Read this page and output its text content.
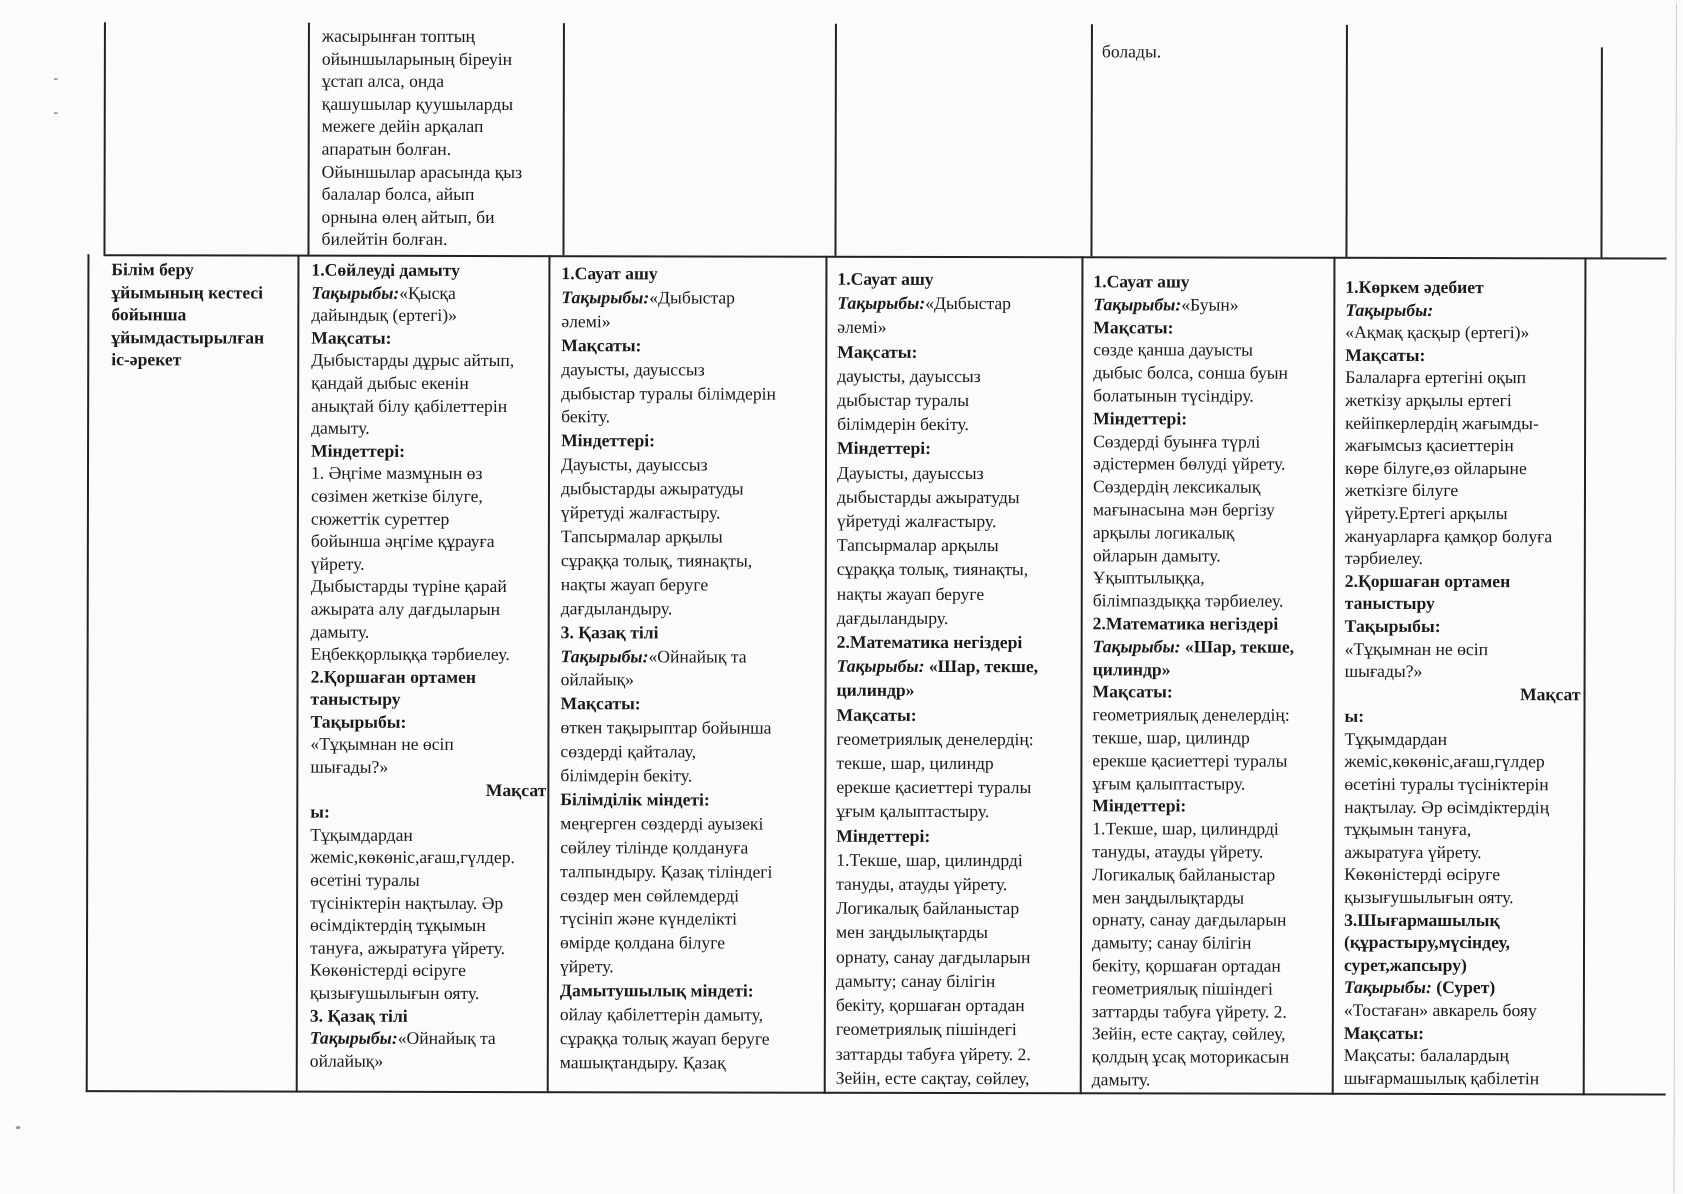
жасырынған топтың
ойыншыларының біреуін
ұстап алса, онда
қашушылар қуушыларды
межеге дейін арқалап
апаратын болған.
Ойыншылар арасында қыз
балалар болса, айып
орнына өлең айтып, би
билейтін болған.
болады.
Білім беру
ұйымының кестесі
бойынша
ұйымдастырылған
іс-әрекет
1.Сөйлеуді дамыту
Тақырыбы:«Қысқа
дайындық (ертегі)»
Мақсаты:
Дыбыстарды дұрыс айтып,
қандай дыбыс екенін
анықтай білу қабілеттерін
дамыту.
Міндеттері:
1. Әңгіме мазмұнын өз
сөзімен жеткізе білуге,
сюжеттік суреттер
бойынша әңгіме құрауға
үйрету.
Дыбыстарды түріне қарай
ажырата алу дағдыларын
дамыту.
Еңбекқорлыққа тәрбиелеу.
2.Қоршаған ортамен
таныстыру
Тақырыбы:
«Тұқымнан не өсіп
шығады?»
Мақсат
ы:
Тұқымдардан
жеміс,көкөніс,ағаш,гүлдер.
өсетіні туралы
түсініктерін нақтылау. Әр
өсімдіктердің тұқымын
тануға, ажыратуға үйрету.
Көкөністерді өсіруге
қызығушылығын ояту.
3. Қазақ тілі
Тақырыбы:«Ойнайық та
ойлайық»
1.Сауат ашу
Тақырыбы:«Дыбыстар
әлемі»
Мақсаты:
дауысты, дауыссыз
дыбыстар туралы білімдерін
бекіту.
Міндеттері:
Дауысты, дауыссыз
дыбыстарды ажыратуды
үйретуді жалғастыру.
Тапсырмалар арқылы
сұраққа толық, тиянақты,
нақты жауап беруге
дағдыландыру.
3. Қазақ тілі
Тақырыбы:«Ойнайық та
ойлайық»
Мақсаты:
өткен тақырыптар бойынша
сөздерді қайталау,
білімдерін бекіту.
Білімділік міндеті:
меңгерген сөздерді ауызекі
сөйлеу тілінде қолдануға
талпындыру. Қазақ тіліндегі
сөздер мен сөйлемдерді
түсініп және күнделікті
өмірде қолдана білуге
үйрету.
Дамытушылық міндеті:
ойлау қабілеттерін дамыту,
сұраққа толық жауап беруге
машықтандыру. Қазақ
1.Сауат ашу
Тақырыбы:«Дыбыстар
әлемі»
Мақсаты:
дауысты, дауыссыз
дыбыстар туралы
білімдерін бекіту.
Міндеттері:
Дауысты, дауыссыз
дыбыстарды ажыратуды
үйретуді жалғастыру.
Тапсырмалар арқылы
сұраққа толық, тиянақты,
нақты жауап беруге
дағдыландыру.
2.Математика негіздері
Тақырыбы: «Шар, текше,
цилиндр»
Мақсаты:
геометриялық денелердің:
текше, шар, цилиндр
ерекше қасиеттері туралы
ұғым қалыптастыру.
Міндеттері:
1.Текше, шар, цилиндрді
тануды, атауды үйрету.
Логикалық байланыстар
мен заңдылықтарды
орнату, санау дағдыларын
дамыту; санау білігін
бекіту, қоршаған ортадан
геометриялық пішіндегі
заттарды табуға үйрету. 2.
Зейін, есте сақтау, сөйлеу,
1.Сауат ашу
Тақырыбы:«Буын»
Мақсаты:
сөзде қанша дауысты
дыбыс болса, сонша буын
болатынын түсіндіру.
Міндеттері:
Сөздерді буынға түрлі
әдістермен бөлуді үйрету.
Сөздердің лексикалық
мағынасына мән бергізу
арқылы логикалық
ойларын дамыту.
Ұқыптылыққа,
білімпаздыққа тәрбиелеу.
2.Математика негіздері
Тақырыбы: «Шар, текше,
цилиндр»
Мақсаты:
геометриялық денелердің:
текше, шар, цилиндр
ерекше қасиеттері туралы
ұғым қалыптастыру.
Міндеттері:
1.Текше, шар, цилиндрді
тануды, атауды үйрету.
Логикалық байланыстар
мен заңдылықтарды
орнату, санау дағдыларын
дамыту; санау білігін
бекіту, қоршаған ортадан
геометриялық пішіндегі
заттарды табуға үйрету. 2.
Зейін, есте сақтау, сөйлеу,
қолдың ұсақ моторикасын
дамыту.
1.Көркем әдебиет
Тақырыбы:
«Ақмақ қасқыр (ертегі)»
Мақсаты:
Балаларға ертегіні оқып
жеткізу арқылы ертегі
кейіпкерлердің жағымды-
жағымсыз қасиеттерін
көре білуге,өз ойларыне
жеткізге білуге
үйрету.Ертегі арқылы
жануарларға қамқор болуға
тәрбиелеу.
2.Қоршаған ортамен
таныстыру
Тақырыбы:
«Тұқымнан не өсіп
шығады?»
Мақсат
ы:
Тұқымдардан
жеміс,көкөніс,ағаш,гүлдер
өсетіні туралы түсініктерін
нақтылау. Әр өсімдіктердің
тұқымын тануға,
ажыратуға үйрету.
Көкөністерді өсіруге
қызығушылығын ояту.
3.Шығармашылық
(құрастыру,мүсіндеу,
сурет,жапсыру)
Тақырыбы: (Сурет)
«Тостаған» авкарель бояу
Мақсаты:
Мақсаты: балалардың
шығармашылық қабілетін
